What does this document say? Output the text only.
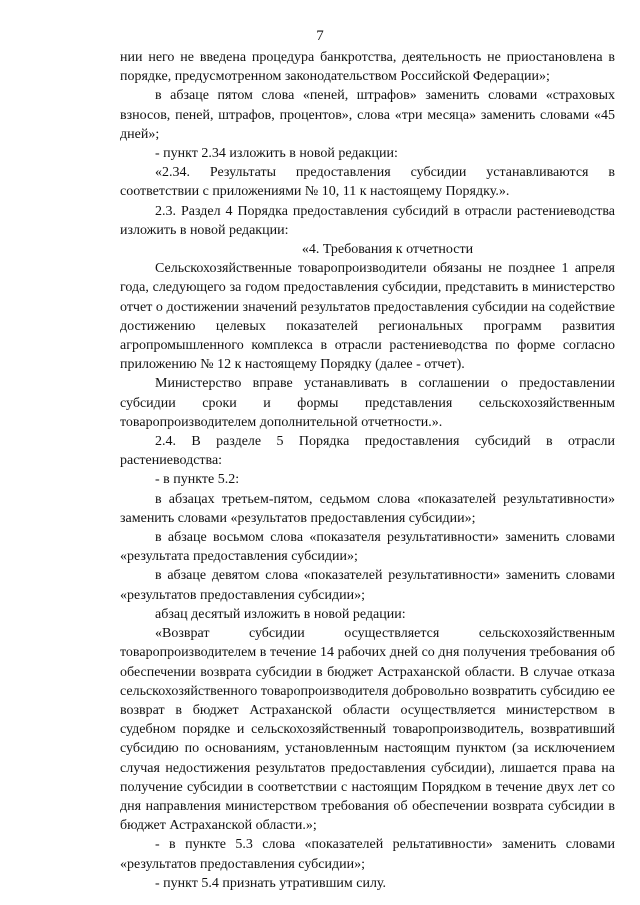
7

нии него не введена процедура банкротства, деятельность не приостановлена в порядке, предусмотренном законодательством Российской Федерации»;

в абзаце пятом слова «пеней, штрафов» заменить словами «страховых взносов, пеней, штрафов, процентов», слова «три месяца» заменить словами «45 дней»;

- пункт 2.34 изложить в новой редакции:

«2.34. Результаты предоставления субсидии устанавливаются в соответствии с приложениями № 10, 11 к настоящему Порядку.».

2.3. Раздел 4 Порядка предоставления субсидий в отрасли растениеводства изложить в новой редакции:

«4. Требования к отчетности

Сельскохозяйственные товаропроизводители обязаны не позднее 1 апреля года, следующего за годом предоставления субсидии, представить в министерство отчет о достижении значений результатов предоставления субсидии на содействие достижению целевых показателей региональных программ развития агропромышленного комплекса в отрасли растениеводства по форме согласно приложению № 12 к настоящему Порядку (далее - отчет).

Министерство вправе устанавливать в соглашении о предоставлении субсидии сроки и формы представления сельскохозяйственным товаропроизводителем дополнительной отчетности.».

2.4. В разделе 5 Порядка предоставления субсидий в отрасли растениеводства:

- в пункте 5.2:

в абзацах третьем-пятом, седьмом слова «показателей результативности» заменить словами «результатов предоставления субсидии»;

в абзаце восьмом слова «показателя результативности» заменить словами «результата предоставления субсидии»;

в абзаце девятом слова «показателей результативности» заменить словами «результатов предоставления субсидии»;

абзац десятый изложить в новой редации:

«Возврат субсидии осуществляется сельскохозяйственным товаропроизводителем в течение 14 рабочих дней со дня получения требования об обеспечении возврата субсидии в бюджет Астраханской области. В случае отказа сельскохозяйственного товаропроизводителя добровольно возвратить субсидию ее возврат в бюджет Астраханской области осуществляется министерством в судебном порядке и сельскохозяйственный товаропроизводитель, возвративший субсидию по основаниям, установленным настоящим пунктом (за исключением случая недостижения результатов предоставления субсидии), лишается права на получение субсидии в соответствии с настоящим Порядком в течение двух лет со дня направления министерством требования об обеспечении возврата субсидии в бюджет Астраханской области.»;

- в пункте 5.3 слова «показателей рельтативности» заменить словами «результатов предоставления субсидии»;

- пункт 5.4 признать утратившим силу.
